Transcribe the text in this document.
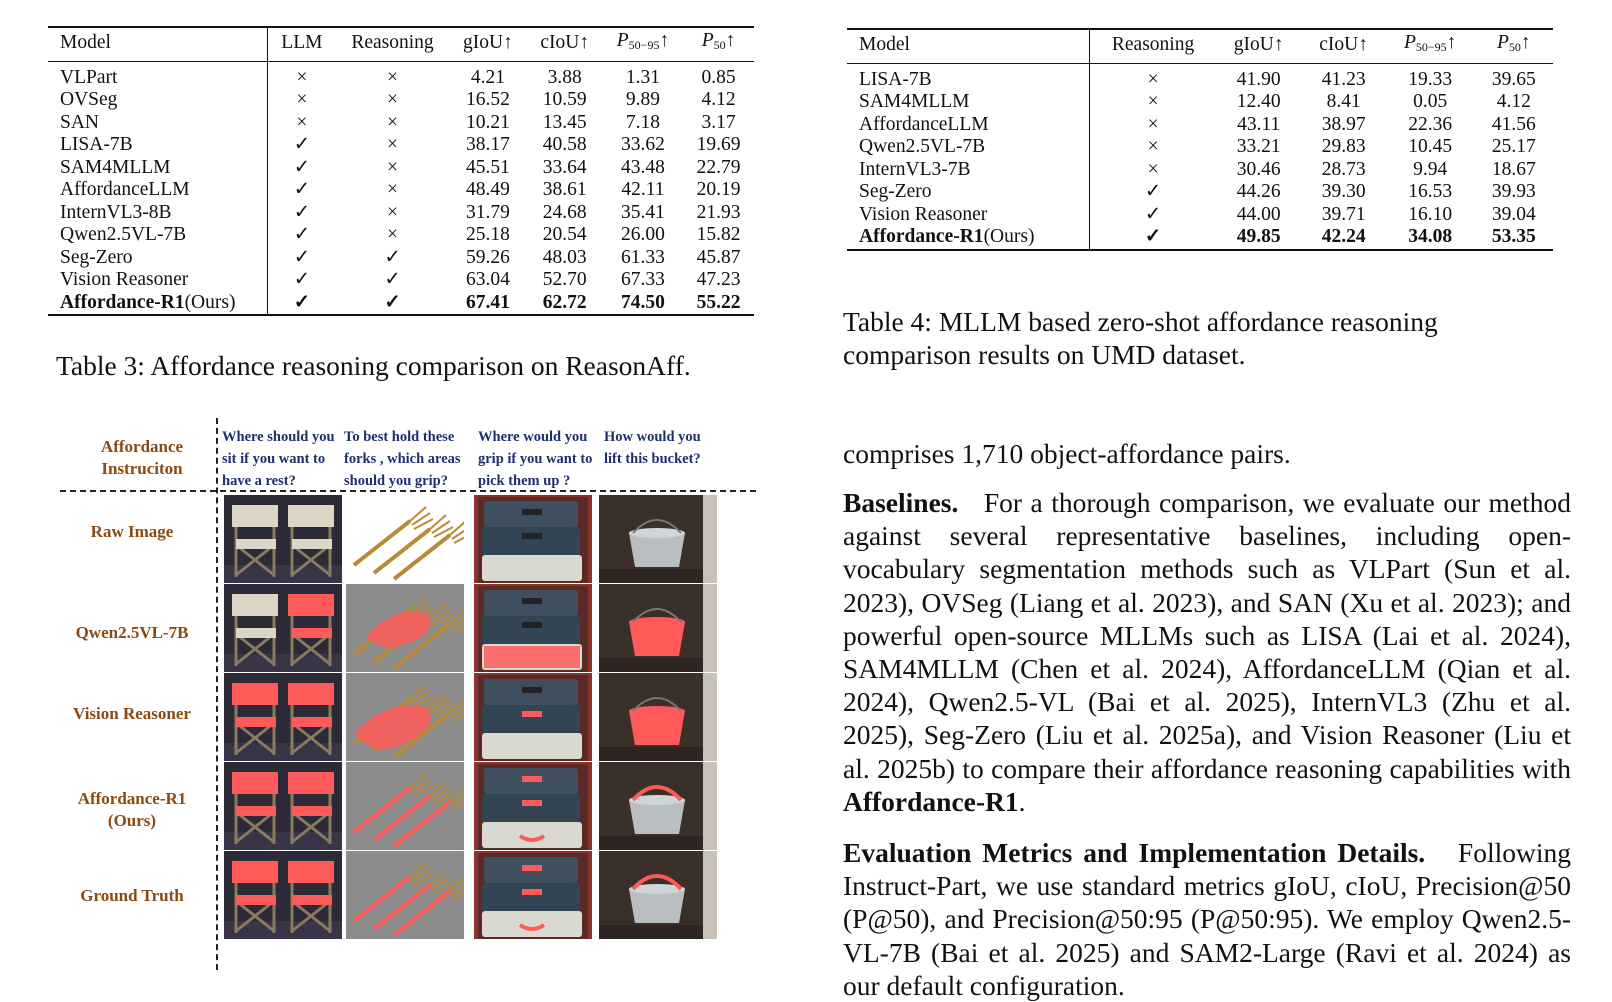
Model	LLM	Reasoning	gIoU↑	cIoU↑	$P_{50-95}↑$	$P_{50}↑$
VLPart	×	×	4.21	3.88	1.31	0.85
OVSeg	×	×	16.52	10.59	9.89	4.12
SAN	×	×	10.21	13.45	7.18	3.17
LISA-7B	✓	×	38.17	40.58	33.62	19.69
SAM4MLLM	✓	×	45.51	33.64	43.48	22.79
AffordanceLLM	✓	×	48.49	38.61	42.11	20.19
InternVL3-8B	✓	×	31.79	24.68	35.41	21.93
Qwen2.5VL-7B	✓	×	25.18	20.54	26.00	15.82
Seg-Zero	✓	✓	59.26	48.03	61.33	45.87
Vision Reasoner	✓	✓	63.04	52.70	67.33	47.23
Affordance-R1(Ours)	✓	✓	67.41	62.72	74.50	55.22
Table 3: Affordance reasoning comparison on ReasonAff.
Model	Reasoning	gIoU↑	cIoU↑	$P_{50-95}↑$	$P_{50}↑$
LISA-7B	×	41.90	41.23	19.33	39.65
SAM4MLLM	×	12.40	8.41	0.05	4.12
AffordanceLLM	×	43.11	38.97	22.36	41.56
Qwen2.5VL-7B	×	33.21	29.83	10.45	25.17
InternVL3-7B	×	30.46	28.73	9.94	18.67
Seg-Zero	✓	44.26	39.30	16.53	39.93
Vision Reasoner	✓	44.00	39.71	16.10	39.04
Affordance-R1(Ours)	✓	49.85	42.24	34.08	53.35
Table 4: MLLM based zero-shot affordance reasoning comparison results on UMD dataset.
Affordance
Instruciton
Where should you
sit if you want to
have a rest?
To best hold these
forks , which areas
should you grip?
Where would you
grip if you want to
pick them up ?
How would you
lift this bucket?
Raw Image
Qwen2.5VL-7B
Vision Reasoner
Affordance-R1
(Ours)
Ground Truth
comprises 1,710 object-affordance pairs.
Baselines. For a thorough comparison, we evaluate our method against several representative baselines, including open-vocabulary segmentation methods such as VLPart (Sun et al. 2023), OVSeg (Liang et al. 2023), and SAN (Xu et al. 2023); and powerful open-source MLLMs such as LISA (Lai et al. 2024), SAM4MLLM (Chen et al. 2024), AffordanceLLM (Qian et al. 2024), Qwen2.5-VL (Bai et al. 2025), InternVL3 (Zhu et al. 2025), Seg-Zero (Liu et al. 2025a), and Vision Reasoner (Liu et al. 2025b) to compare their affordance reasoning capabilities with Affordance-R1.
Evaluation Metrics and Implementation Details. Following Instruct-Part, we use standard metrics gIoU, cIoU, Precision@50 (P@50), and Precision@50:95 (P@50:95). We employ Qwen2.5-VL-7B (Bai et al. 2025) and SAM2-Large (Ravi et al. 2024) as our default configuration.
